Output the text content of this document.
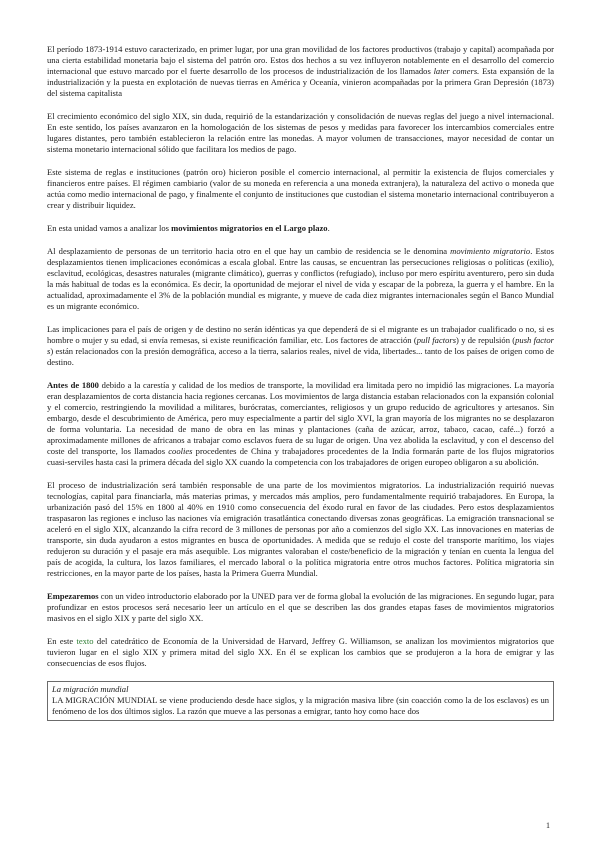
El período 1873-1914 estuvo caracterizado, en primer lugar, por una gran movilidad de los factores productivos (trabajo y capital) acompañada por una cierta estabilidad monetaria bajo el sistema del patrón oro. Estos dos hechos a su vez influyeron notablemente en el desarrollo del comercio internacional que estuvo marcado por el fuerte desarrollo de los procesos de industrialización de los llamados later comers. Esta expansión de la industrialización y la puesta en explotación de nuevas tierras en América y Oceanía, vinieron acompañadas por la primera Gran Depresión (1873) del sistema capitalista

El crecimiento económico del siglo XIX, sin duda, requirió de la estandarización y consolidación de nuevas reglas del juego a nivel internacional. En este sentido, los países avanzaron en la homologación de los sistemas de pesos y medidas para favorecer los intercambios comerciales entre lugares distantes, pero también establecieron la relación entre las monedas. A mayor volumen de transacciones, mayor necesidad de contar un sistema monetario internacional sólido que facilitara los medios de pago.

Este sistema de reglas e instituciones (patrón oro) hicieron posible el comercio internacional, al permitir la existencia de flujos comerciales y financieros entre países. El régimen cambiario (valor de su moneda en referencia a una moneda extranjera), la naturaleza del activo o moneda que actúa como medio internacional de pago, y finalmente el conjunto de instituciones que custodian el sistema monetario internacional contribuyeron a crear y distribuir liquidez.

En esta unidad vamos a analizar los movimientos migratorios en el Largo plazo.

Al desplazamiento de personas de un territorio hacia otro en el que hay un cambio de residencia se le denomina movimiento migratorio. Estos desplazamientos tienen implicaciones económicas a escala global. Entre las causas, se encuentran las persecuciones religiosas o políticas (exilio), esclavitud, ecológicas, desastres naturales (migrante climático), guerras y conflictos (refugiado), incluso por mero espíritu aventurero, pero sin duda la más habitual de todas es la económica. Es decir, la oportunidad de mejorar el nivel de vida y escapar de la pobreza, la guerra y el hambre. En la actualidad, aproximadamente el 3% de la población mundial es migrante, y mueve de cada diez migrantes internacionales según el Banco Mundial es un migrante económico.

Las implicaciones para el país de origen y de destino no serán idénticas ya que dependerá de si el migrante es un trabajador cualificado o no, si es hombre o mujer y su edad, si envía remesas, si existe reunificación familiar, etc. Los factores de atracción (pull factors) y de repulsión (push factor s) están relacionados con la presión demográfica, acceso a la tierra, salarios reales, nivel de vida, libertades... tanto de los países de origen como de destino.

Antes de 1800 debido a la carestía y calidad de los medios de transporte, la movilidad era limitada pero no impidió las migraciones. La mayoría eran desplazamientos de corta distancia hacia regiones cercanas. Los movimientos de larga distancia estaban relacionados con la expansión colonial y el comercio, restringiendo la movilidad a militares, burócratas, comerciantes, religiosos y un grupo reducido de agricultores y artesanos. Sin embargo, desde el descubrimiento de América, pero muy especialmente a partir del siglo XVI, la gran mayoría de los migrantes no se desplazaron de forma voluntaria. La necesidad de mano de obra en las minas y plantaciones (caña de azúcar, arroz, tabaco, cacao, café...) forzó a aproximadamente millones de africanos a trabajar como esclavos fuera de su lugar de origen. Una vez abolida la esclavitud, y con el descenso del coste del transporte, los llamados coolies procedentes de China y trabajadores procedentes de la India formarán parte de los flujos migratorios cuasi-serviles hasta casi la primera década del siglo XX cuando la competencia con los trabajadores de origen europeo obligaron a su abolición.

El proceso de industrialización será también responsable de una parte de los movimientos migratorios. La industrialización requirió nuevas tecnologías, capital para financiarla, más materias primas, y mercados más amplios, pero fundamentalmente requirió trabajadores. En Europa, la urbanización pasó del 15% en 1800 al 40% en 1910 como consecuencia del éxodo rural en favor de las ciudades. Pero estos desplazamientos traspasaron las regiones e incluso las naciones vía emigración trasatlántica conectando diversas zonas geográficas. La emigración transnacional se aceleró en el siglo XIX, alcanzando la cifra record de 3 millones de personas por año a comienzos del siglo XX. Las innovaciones en materias de transporte, sin duda ayudaron a estos migrantes en busca de oportunidades. A medida que se redujo el coste del transporte marítimo, los viajes redujeron su duración y el pasaje era más asequible. Los migrantes valoraban el coste/beneficio de la migración y tenían en cuenta la lengua del país de acogida, la cultura, los lazos familiares, el mercado laboral o la política migratoria entre otros muchos factores. Política migratoria sin restricciones, en la mayor parte de los países, hasta la Primera Guerra Mundial.

Empezaremos con un video introductorio elaborado por la UNED para ver de forma global la evolución de las migraciones. En segundo lugar, para profundizar en estos procesos será necesario leer un artículo en el que se describen las dos grandes etapas fases de movimientos migratorios masivos en el siglo XIX y parte del siglo XX.

En este texto del catedrático de Economía de la Universidad de Harvard, Jeffrey G. Williamson, se analizan los movimientos migratorios que tuvieron lugar en el siglo XIX y primera mitad del siglo XX. En él se explican los cambios que se produjeron a la hora de emigrar y las consecuencias de esos flujos.

La migración mundial

LA MIGRACIÓN MUNDIAL se viene produciendo desde hace siglos, y la migración masiva libre (sin coacción como la de los esclavos) es un fenómeno de los dos últimos siglos. La razón que mueve a las personas a emigrar, tanto hoy como hace dos

1
